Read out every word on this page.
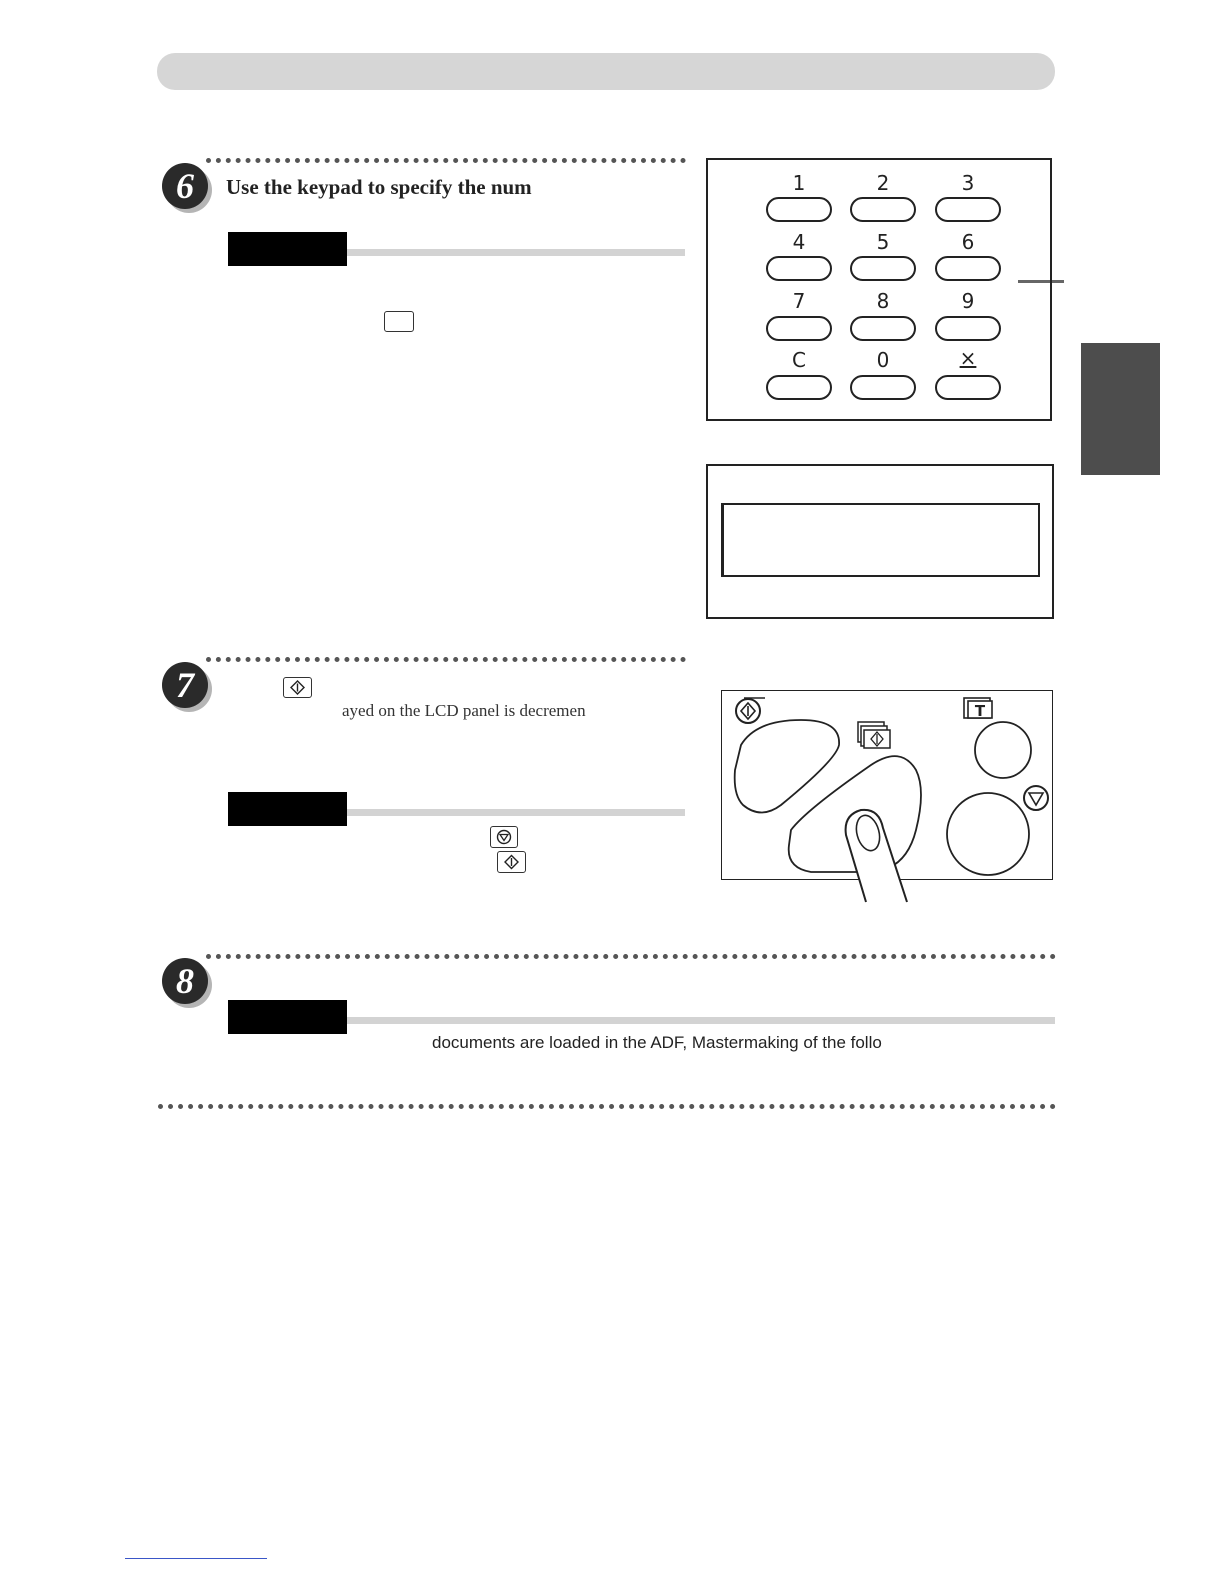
6	Use the keypad to specify the num	1	2	3
4	5	6
7	8	9
C	0	×
7
ayed on the LCD panel is decremen	T
8
documents are loaded in the ADF, Mastermaking of the follo
